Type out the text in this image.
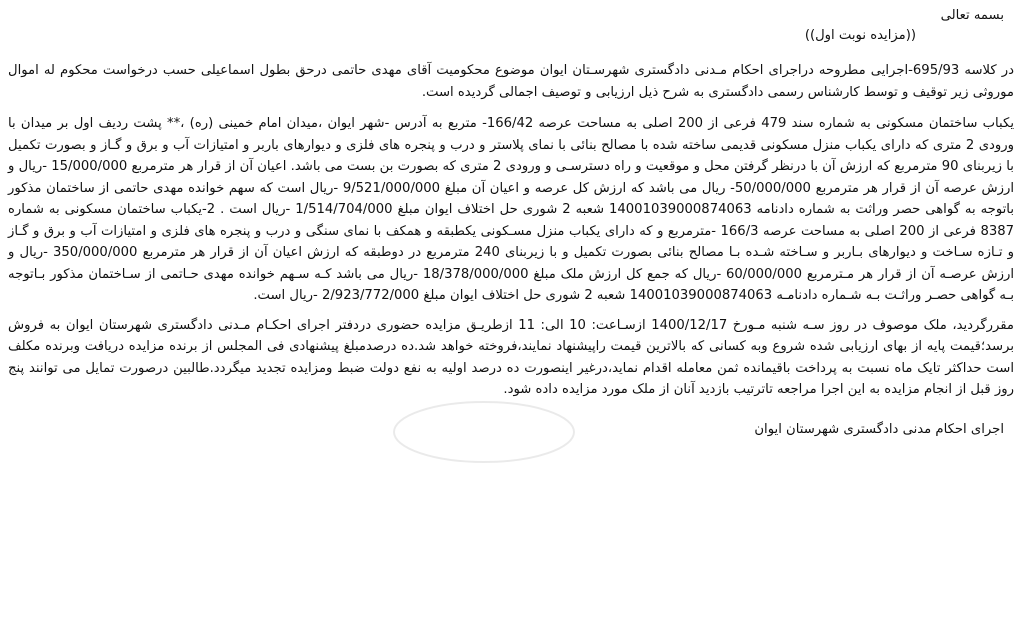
بسمه تعالی

((مزایده نوبت اول))

در کلاسه 695/93-اجرایی مطروحه دراجرای احکام مـدنی دادگستری شهرسـتان ایوان موضوع محکومیت آقای مهدی حاتمی درحق بطول اسماعیلی حسب درخواست محکوم له اموال موروثی زیر توقیف و توسط کارشناس رسمی دادگستری به شرح ذیل ارزیابی و توصیف اجمالی گردیده است.

یکباب ساختمان مسکونی به شماره سند 479 فرعی از 200 اصلی به مساحت عرصه 166/42- متربع به آدرس -شهر ایوان ،میدان امام خمینی (ره) ،** پشت ردیف اول بر میدان با ورودی 2 متری که دارای یکباب منزل مسکونی قدیمی ساخته شده با مصالح بنائی با نمای پلاستر و درب و پنجره های فلزی و دیوارهای باربر و امتیازات آب و برق و گـاز و بصورت تکمیل با زیربنای 90 مترمربع که ارزش آن با درنظر گرفتن محل و موقعیت و راه دسترسـی و ورودی 2 متری که بصورت بن بست می باشد. اعیان آن از قرار هر مترمربع 15/000/000 -ریال و ارزش عرصه آن از قرار هر مترمربع 50/000/000- ریال می باشد که ارزش کل عرصه و اعیان آن مبلغ 9/521/000/000 -ریال است که سهم خوانده مهدی حاتمی از ساختمان مذکور باتوجه به گواهی حصر وراثت به شماره دادنامه 14001039000874063 شعبه 2 شوری حل اختلاف ایوان مبلغ 1/514/704/000 -ریال است . 2-یکباب ساختمان مسکونی به شماره 8387 فرعی از 200 اصلی به مساحت عرصه 166/3 -مترمربع و که دارای یکباب منزل مسـکونی یکطبقه و همکف با نمای سنگی و درب و پنجره های فلزی و امتیازات آب و برق و گـاز و تـازه سـاخت و دیوارهای بـاربر و سـاخته شـده بـا مصالح بنائی بصورت تکمیل و با زیربنای 240 مترمربع در دوطبقه که ارزش اعیان آن از قرار هر مترمربع 350/000/000 -ریال و ارزش عرصـه آن از قرار هر مـترمربع 60/000/000 -ریال که جمع کل ارزش ملک مبلغ 18/378/000/000 -ریال می باشد کـه سـهم خوانده مهدی حـاتمی از سـاختمان مذکور بـاتوجه بـه گواهی حصـر وراثـت بـه شـماره دادنامـه 14001039000874063 شعبه 2 شوری حل اختلاف ایوان مبلغ 2/923/772/000 -ریال است.

مقررگردید، ملک موصوف در روز سـه شنبه مـورخ 1400/12/17 ازسـاعت: 10 الی: 11 ازطریـق مزایده حضوری دردفتر اجرای احکـام مـدنی دادگستری شهرستان ایوان به فروش برسد؛قیمت پایه از بهای ارزیابی شده شروع وبه کسانی که بالاترین قیمت راپیشنهاد نمایند،فروخته خواهد شد.ده درصدمبلغ پیشنهادی فی المجلس از برنده مزایده دریافت وبرنده مکلف است حداکثر تایک ماه نسبت به پرداخت باقیمانده ثمن معامله اقدام نماید،درغیر اینصورت ده درصد اولیه به نفع دولت ضبط ومزایده تجدید میگردد.طالبین درصورت تمایل می توانند پنج روز قبل از انجام مزایده به این اجرا مراجعه تاترتیب بازدید آنان از ملک مورد مزایده داده شود.

اجرای احکام مدنی دادگستری شهرستان ایوان
